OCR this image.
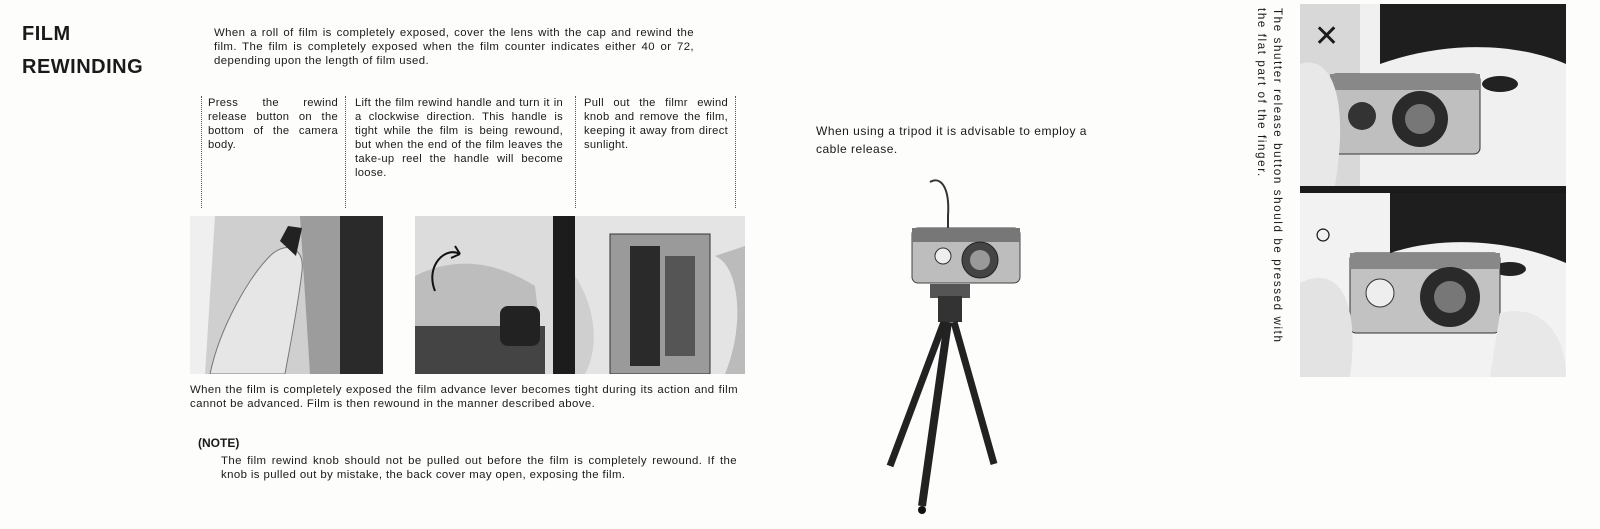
FILM
REWINDING

When a roll of film is completely exposed, cover the lens with the cap and rewind the film. The film is completely exposed when the film counter indicates either 40 or 72, depending upon the length of film used.

Press the rewind release button on the bottom of the camera body.

Lift the film rewind handle and turn it in a clockwise direction. This handle is tight while the film is being rewound, but when the end of the film leaves the take-up reel the handle will become loose.

Pull out the filmr ewind knob and remove the film, keeping it away from direct sunlight.

When the film is completely exposed the film advance lever becomes tight during its action and film cannot be advanced. Film is then rewound in the manner described above.

(NOTE)

The film rewind knob should not be pulled out before the film is completely rewound. If the knob is pulled out by mistake, the back cover may open, exposing the film.

When using a tripod it is advisable to employ a cable release.	The shutter release button should be pressed with the flat part of the finger.	✕

○
